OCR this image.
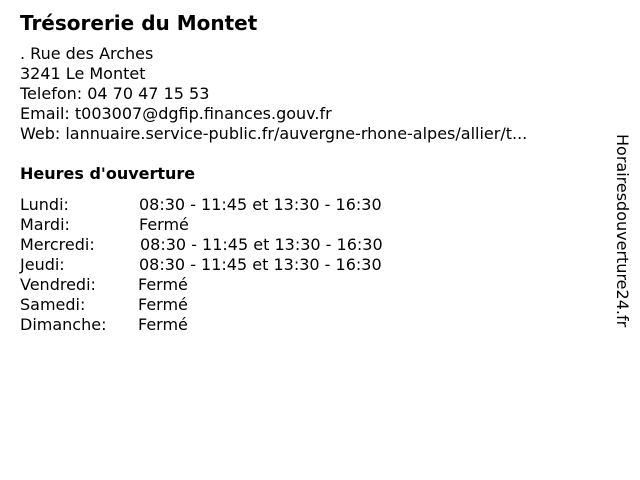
Trésorerie du Montet
. Rue des Arches
3241 Le Montet
Telefon: 04 70 47 15 53
Email: t003007@dgfip.finances.gouv.fr
Web: lannuaire.service-public.fr/auvergne-rhone-alpes/allier/t...
Heures d'ouverture
Lundi:	08:30 - 11:45 et 13:30 - 16:30
Mardi:	Fermé
Mercredi:	08:30 - 11:45 et 13:30 - 16:30
Jeudi:	08:30 - 11:45 et 13:30 - 16:30
Vendredi:	Fermé
Samedi:	Fermé
Dimanche: Fermé	Horairesdouverture24.fr
